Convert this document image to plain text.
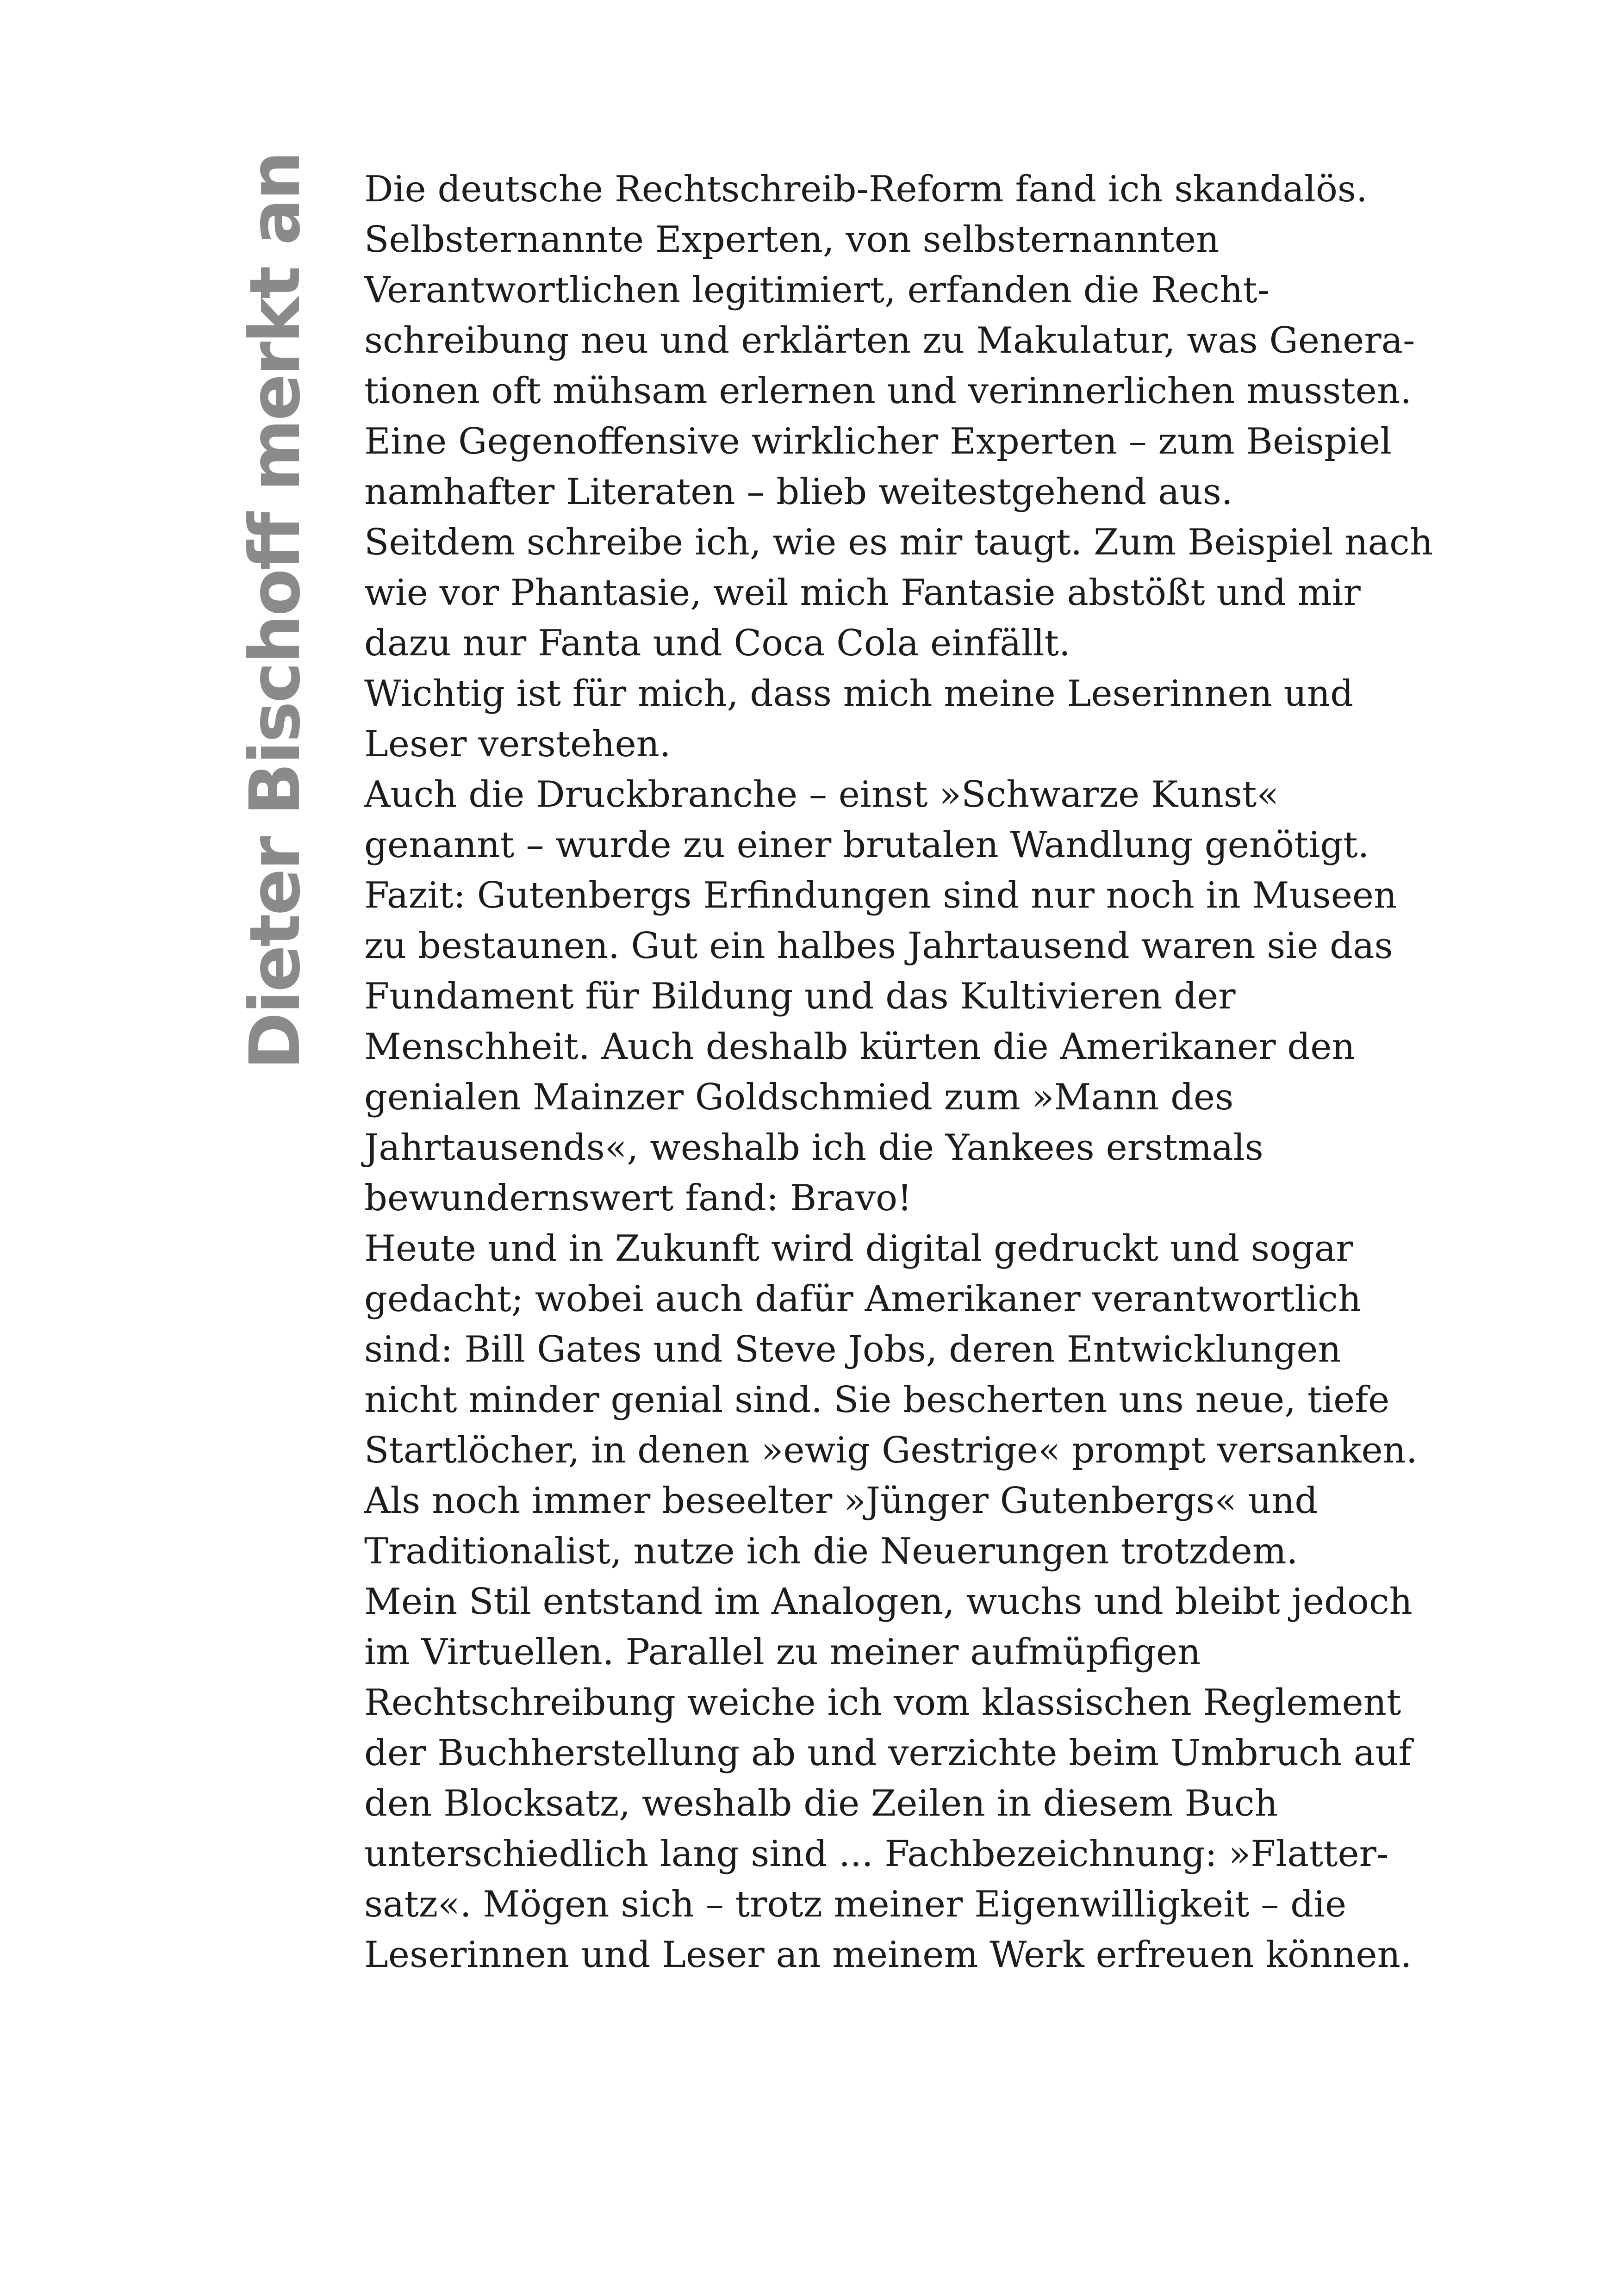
Dieter Bischoff merkt an Die deutsche Rechtschreib-Reform fand ich skandalös.
Selbsternannte Experten, von selbsternannten
Verantwortlichen legitimiert, erfanden die Recht-
schreibung neu und erklärten zu Makulatur, was Genera-
tionen oft mühsam erlernen und verinnerlichen mussten.
Eine Gegenoffensive wirklicher Experten – zum Beispiel
namhafter Literaten – blieb weitestgehend aus.
Seitdem schreibe ich, wie es mir taugt. Zum Beispiel nach
wie vor Phantasie, weil mich Fantasie abstößt und mir
dazu nur Fanta und Coca Cola einfällt.
Wichtig ist für mich, dass mich meine Leserinnen und
Leser verstehen.
Auch die Druckbranche – einst »Schwarze Kunst«
genannt – wurde zu einer brutalen Wandlung genötigt.
Fazit: Gutenbergs Erfindungen sind nur noch in Museen
zu bestaunen. Gut ein halbes Jahrtausend waren sie das
Fundament für Bildung und das Kultivieren der
Menschheit. Auch deshalb kürten die Amerikaner den
genialen Mainzer Goldschmied zum »Mann des
Jahrtausends«, weshalb ich die Yankees erstmals
bewundernswert fand: Bravo!
Heute und in Zukunft wird digital gedruckt und sogar
gedacht; wobei auch dafür Amerikaner verantwortlich
sind: Bill Gates und Steve Jobs, deren Entwicklungen
nicht minder genial sind. Sie bescherten uns neue, tiefe
Startlöcher, in denen »ewig Gestrige« prompt versanken.
Als noch immer beseelter »Jünger Gutenbergs« und
Traditionalist, nutze ich die Neuerungen trotzdem.
Mein Stil entstand im Analogen, wuchs und bleibt jedoch
im Virtuellen. Parallel zu meiner aufmüpfigen
Rechtschreibung weiche ich vom klassischen Reglement
der Buchherstellung ab und verzichte beim Umbruch auf
den Blocksatz, weshalb die Zeilen in diesem Buch
unterschiedlich lang sind ... Fachbezeichnung: »Flatter-
satz«. Mögen sich – trotz meiner Eigenwilligkeit – die
Leserinnen und Leser an meinem Werk erfreuen können.
